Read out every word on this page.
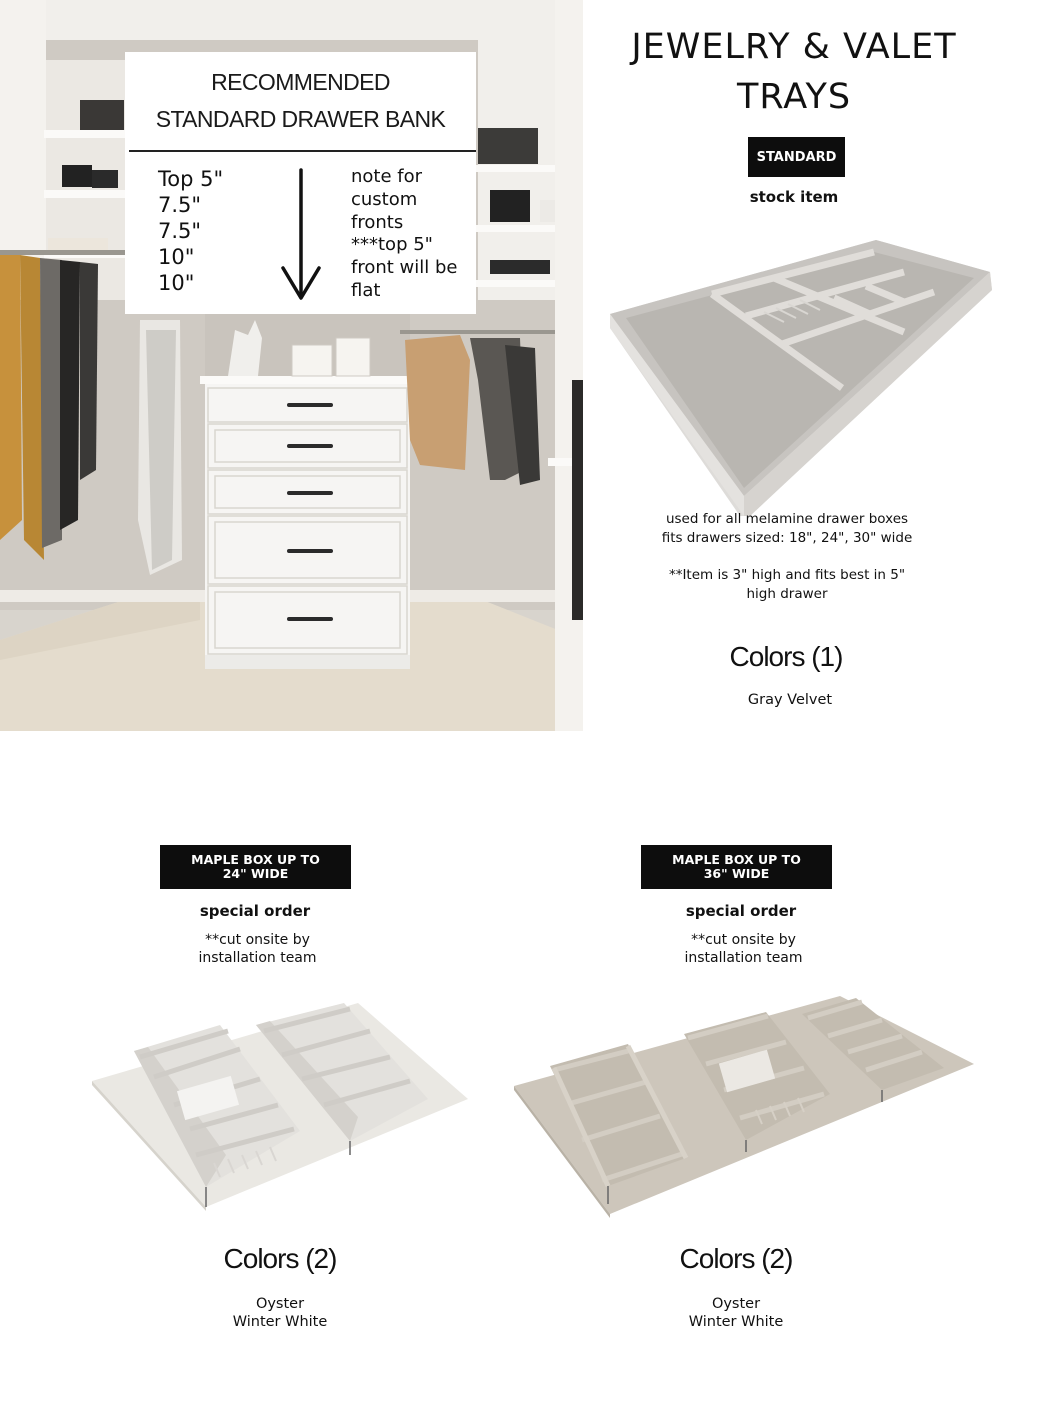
RECOMMENDED
STANDARD DRAWER BANK
Top 5"
7.5"
7.5"
10"
10"
note for
custom
fronts
***top 5"
front will be
flat
JEWELRY & VALET
TRAYS
STANDARD
stock item
used for all melamine drawer boxes
fits drawers sized: 18", 24", 30" wide
**Item is 3" high and fits best in 5"
high drawer
Colors (1)
Gray Velvet
MAPLE BOX UP TO
24" WIDE
special order
**cut onsite by
installation team
Colors (2)
Oyster
Winter White
MAPLE BOX UP TO
36" WIDE
special order
**cut onsite by
installation team
Colors (2)
Oyster
Winter White
